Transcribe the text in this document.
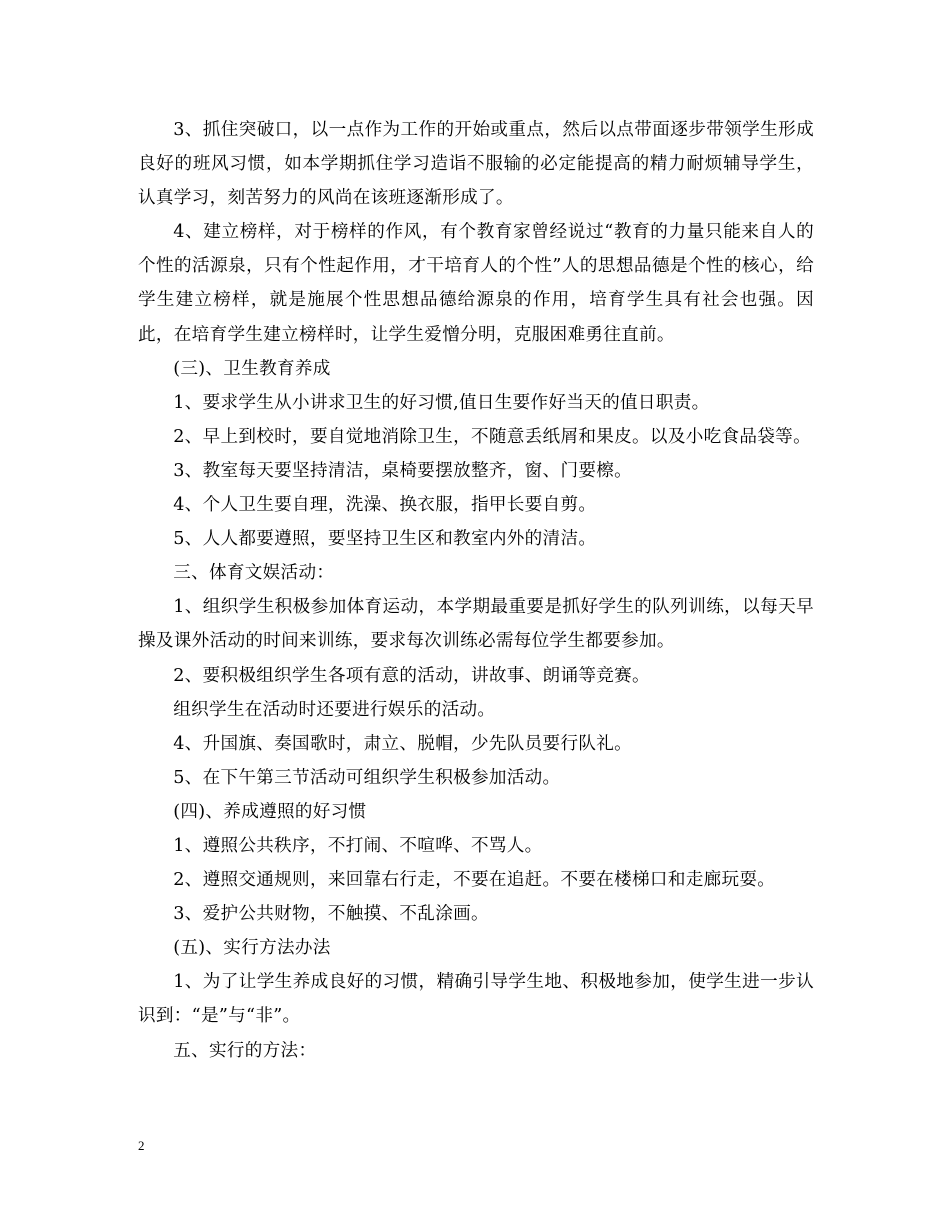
3、抓住突破口，以一点作为工作的开始或重点，然后以点带面逐步带领学生形成良好的班风习惯，如本学期抓住学习造诣不服输的必定能提高的精力耐烦辅导学生，认真学习，刻苦努力的风尚在该班逐渐形成了。

4、建立榜样，对于榜样的作风，有个教育家曾经说过“教育的力量只能来自人的个性的活源泉，只有个性起作用，才干培育人的个性”人的思想品德是个性的核心，给学生建立榜样，就是施展个性思想品德给源泉的作用，培育学生具有社会也强。因此，在培育学生建立榜样时，让学生爱憎分明，克服困难勇往直前。

(三)、卫生教育养成

1、要求学生从小讲求卫生的好习惯,值日生要作好当天的值日职责。

2、早上到校时，要自觉地消除卫生，不随意丢纸屑和果皮。以及小吃食品袋等。

3、教室每天要坚持清洁，桌椅要摆放整齐，窗、门要檫。

4、个人卫生要自理，洗澡、换衣服，指甲长要自剪。

5、人人都要遵照，要坚持卫生区和教室内外的清洁。

三、体育文娱活动：

1、组织学生积极参加体育运动，本学期最重要是抓好学生的队列训练，以每天早操及课外活动的时间来训练，要求每次训练必需每位学生都要参加。

2、要积极组织学生各项有意的活动，讲故事、朗诵等竞赛。

组织学生在活动时还要进行娱乐的活动。

4、升国旗、奏国歌时，肃立、脱帽，少先队员要行队礼。

5、在下午第三节活动可组织学生积极参加活动。

(四)、养成遵照的好习惯

1、遵照公共秩序，不打闹、不喧哗、不骂人。

2、遵照交通规则，来回靠右行走，不要在追赶。不要在楼梯口和走廊玩耍。

3、爱护公共财物，不触摸、不乱涂画。

(五)、实行方法办法

1、为了让学生养成良好的习惯，精确引导学生地、积极地参加，使学生进一步认识到：“是”与“非”。

五、实行的方法：

2
